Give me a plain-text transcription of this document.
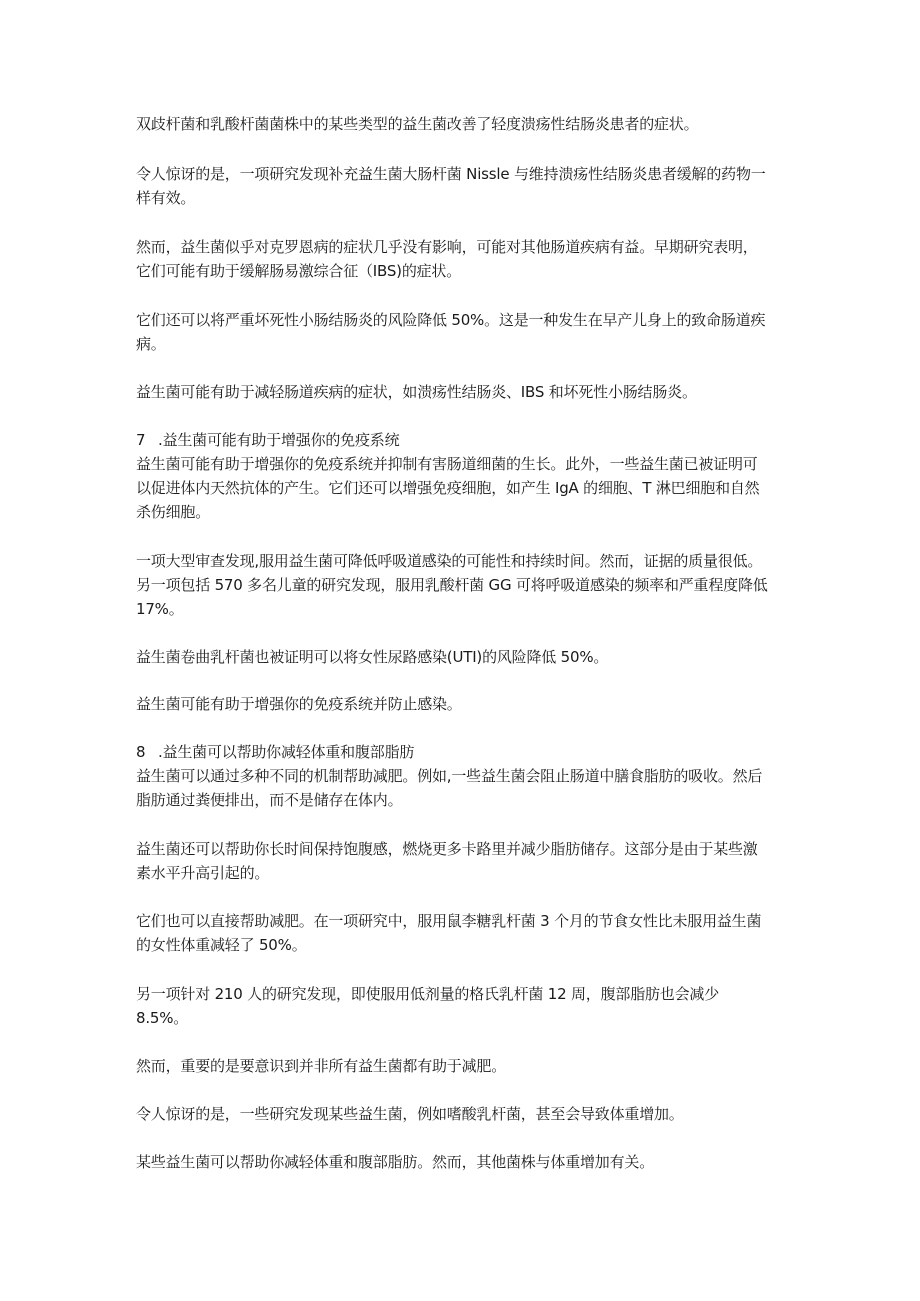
双歧杆菌和乳酸杆菌菌株中的某些类型的益生菌改善了轻度溃疡性结肠炎患者的症状。
令人惊讶的是，一项研究发现补充益生菌大肠杆菌 Nissle 与维持溃疡性结肠炎患者缓解的药物一
样有效。
然而，益生菌似乎对克罗恩病的症状几乎没有影响，可能对其他肠道疾病有益。早期研究表明，
它们可能有助于缓解肠易激综合征（IBS)的症状。
它们还可以将严重坏死性小肠结肠炎的风险降低 50%。这是一种发生在早产儿身上的致命肠道疾
病。
益生菌可能有助于减轻肠道疾病的症状，如溃疡性结肠炎、IBS 和坏死性小肠结肠炎。
7 .益生菌可能有助于增强你的免疫系统
益生菌可能有助于增强你的免疫系统并抑制有害肠道细菌的生长。此外，一些益生菌已被证明可
以促进体内天然抗体的产生。它们还可以增强免疫细胞，如产生 IgA 的细胞、T 淋巴细胞和自然
杀伤细胞。
一项大型审查发现,服用益生菌可降低呼吸道感染的可能性和持续时间。然而，证据的质量很低。
另一项包括 570 多名儿童的研究发现，服用乳酸杆菌 GG 可将呼吸道感染的频率和严重程度降低
17%。
益生菌卷曲乳杆菌也被证明可以将女性尿路感染(UTI)的风险降低 50%。
益生菌可能有助于增强你的免疫系统并防止感染。
8 .益生菌可以帮助你减轻体重和腹部脂肪
益生菌可以通过多种不同的机制帮助减肥。例如,一些益生菌会阻止肠道中膳食脂肪的吸收。然后
脂肪通过粪便排出，而不是储存在体内。
益生菌还可以帮助你长时间保持饱腹感，燃烧更多卡路里并减少脂肪储存。这部分是由于某些激
素水平升高引起的。
它们也可以直接帮助减肥。在一项研究中，服用鼠李糖乳杆菌 3 个月的节食女性比未服用益生菌
的女性体重减轻了 50%。
另一项针对 210 人的研究发现，即使服用低剂量的格氏乳杆菌 12 周，腹部脂肪也会减少
8.5%。
然而，重要的是要意识到并非所有益生菌都有助于减肥。
令人惊讶的是，一些研究发现某些益生菌，例如嗜酸乳杆菌，甚至会导致体重增加。
某些益生菌可以帮助你减轻体重和腹部脂肪。然而，其他菌株与体重增加有关。
